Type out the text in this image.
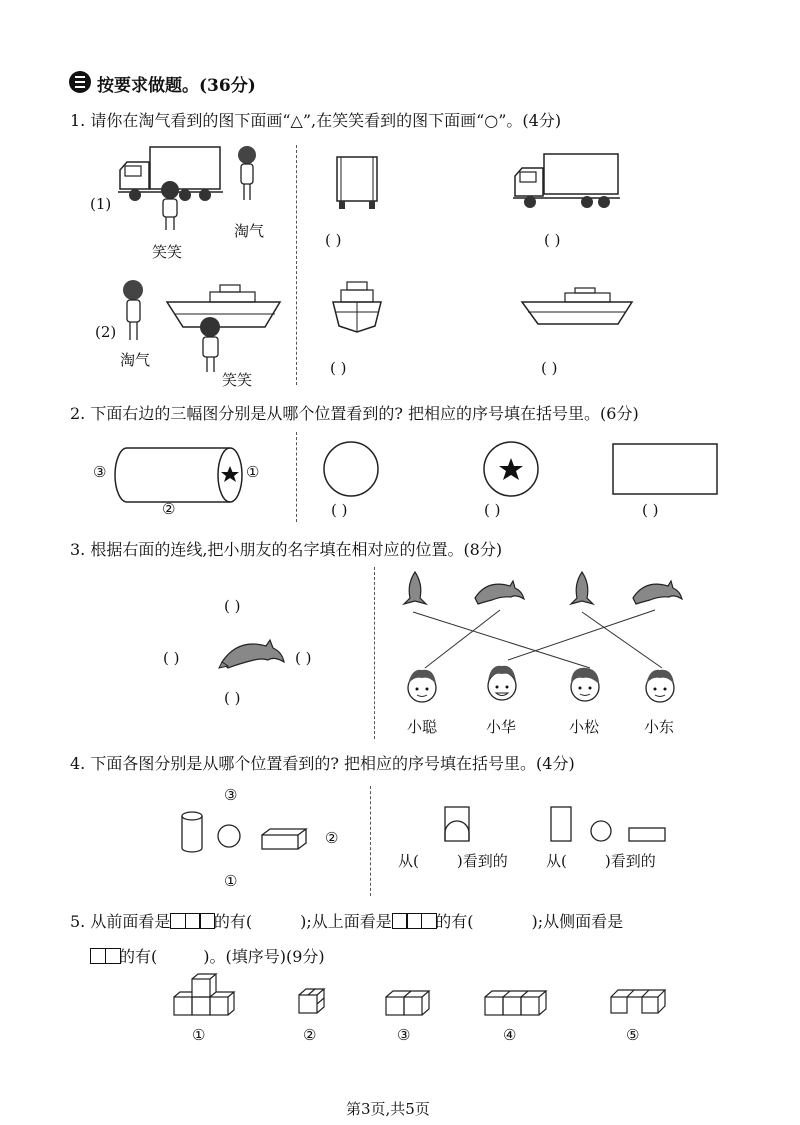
按要求做题。(36分)
1. 请你在淘气看到的图下面画“△”,在笑笑看到的图下面画“○”。(4分)
(1)
淘气
笑笑
( )	( )
(2)
淘气
笑笑
( )	( )
2. 下面右边的三幅图分别是从哪个位置看到的? 把相应的序号填在括号里。(6分)
③	①
②	( )	( )	( )
3. 根据右面的连线,把小朋友的名字填在相对应的位置。(8分)
( )
( )	( )
( )
小聪	小华	小松	小东
4. 下面各图分别是从哪个位置看到的? 把相应的序号填在括号里。(4分)
③
②
①
从(	)看到的	从(	)看到的
5. 从前面看是	的有(	);从上面看是	的有(	);从侧面看是
的有(	)。(填序号)(9分)
①	②	③	④	⑤
第3页,共5页
